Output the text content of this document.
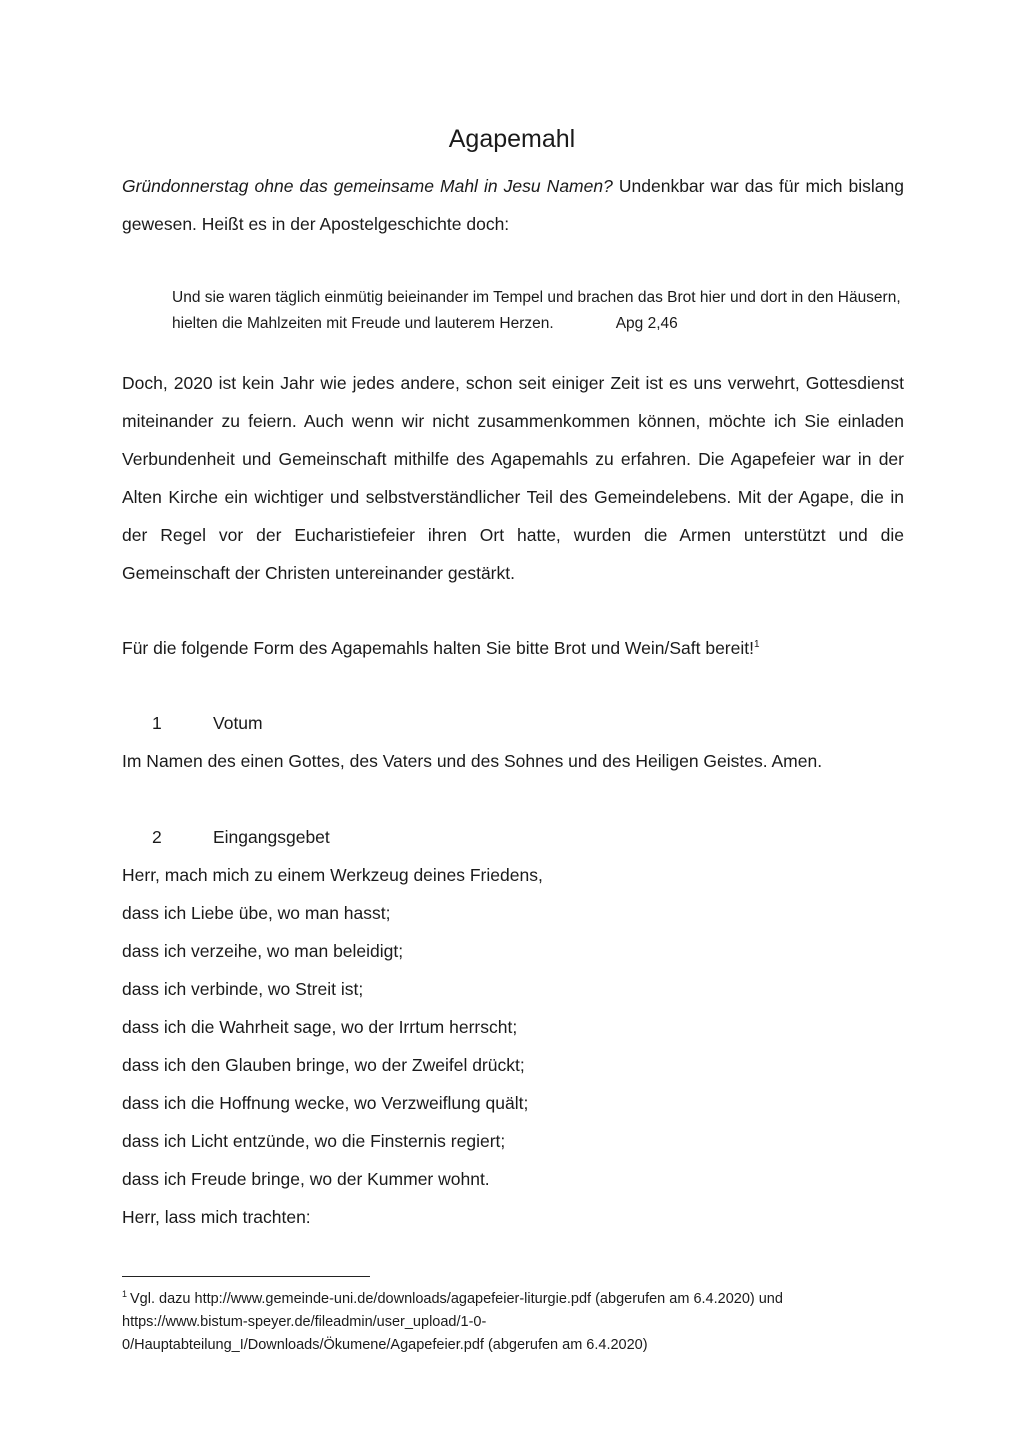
Agapemahl

Gründonnerstag ohne das gemeinsame Mahl in Jesu Namen? Undenkbar war das für mich bislang gewesen. Heißt es in der Apostelgeschichte doch:

Und sie waren täglich einmütig beieinander im Tempel und brachen das Brot hier und dort in den Häusern, hielten die Mahlzeiten mit Freude und lauterem Herzen.	Apg 2,46

Doch, 2020 ist kein Jahr wie jedes andere, schon seit einiger Zeit ist es uns verwehrt, Gottesdienst miteinander zu feiern. Auch wenn wir nicht zusammenkommen können, möchte ich Sie einladen Verbundenheit und Gemeinschaft mithilfe des Agapemahls zu erfahren. Die Agapefeier war in der Alten Kirche ein wichtiger und selbstverständlicher Teil des Gemeindelebens. Mit der Agape, die in der Regel vor der Eucharistiefeier ihren Ort hatte, wurden die Armen unterstützt und die Gemeinschaft der Christen untereinander gestärkt.

Für die folgende Form des Agapemahls halten Sie bitte Brot und Wein/Saft bereit!$^1$

1	Votum

Im Namen des einen Gottes, des Vaters und des Sohnes und des Heiligen Geistes. Amen.

2	Eingangsgebet
Herr, mach mich zu einem Werkzeug deines Friedens,
dass ich Liebe übe, wo man hasst;
dass ich verzeihe, wo man beleidigt;
dass ich verbinde, wo Streit ist;
dass ich die Wahrheit sage, wo der Irrtum herrscht;
dass ich den Glauben bringe, wo der Zweifel drückt;
dass ich die Hoffnung wecke, wo Verzweiflung quält;
dass ich Licht entzünde, wo die Finsternis regiert;
dass ich Freude bringe, wo der Kummer wohnt.
Herr, lass mich trachten:
$^1$ Vgl. dazu http://www.gemeinde-uni.de/downloads/agapefeier-liturgie.pdf (abgerufen am 6.4.2020) und
https://www.bistum-speyer.de/fileadmin/user_upload/1-0-
0/Hauptabteilung_I/Downloads/Ökumene/Agapefeier.pdf (abgerufen am 6.4.2020)
